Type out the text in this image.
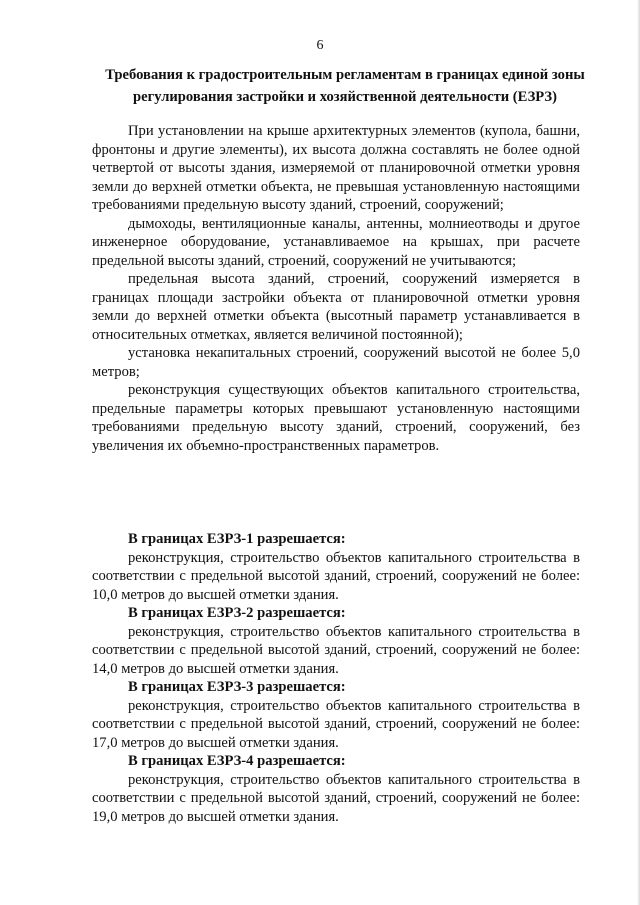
6
Требования к градостроительным регламентам в границах единой зоны регулирования застройки и хозяйственной деятельности (ЕЗРЗ)

При установлении на крыше архитектурных элементов (купола, башни, фронтоны и другие элементы), их высота должна составлять не более одной четвертой от высоты здания, измеряемой от планировочной отметки уровня земли до верхней отметки объекта, не превышая установленную настоящими требованиями предельную высоту зданий, строений, сооружений;

дымоходы, вентиляционные каналы, антенны, молниеотводы и другое инженерное оборудование, устанавливаемое на крышах, при расчете предельной высоты зданий, строений, сооружений не учитываются;

предельная высота зданий, строений, сооружений измеряется в границах площади застройки объекта от планировочной отметки уровня земли до верхней отметки объекта (высотный параметр устанавливается в относительных отметках, является величиной постоянной);

установка некапитальных строений, сооружений высотой не более 5,0 метров;

реконструкция существующих объектов капитального строительства, предельные параметры которых превышают установленную настоящими требованиями предельную высоту зданий, строений, сооружений, без увеличения их объемно-пространственных параметров.

В границах ЕЗРЗ-1 разрешается:

реконструкция, строительство объектов капитального строительства в соответствии с предельной высотой зданий, строений, сооружений не более: 10,0 метров до высшей отметки здания.

В границах ЕЗРЗ-2 разрешается:

реконструкция, строительство объектов капитального строительства в соответствии с предельной высотой зданий, строений, сооружений не более: 14,0 метров до высшей отметки здания.

В границах ЕЗРЗ-3 разрешается:

реконструкция, строительство объектов капитального строительства в соответствии с предельной высотой зданий, строений, сооружений не более: 17,0 метров до высшей отметки здания.

В границах ЕЗРЗ-4 разрешается:

реконструкция, строительство объектов капитального строительства в соответствии с предельной высотой зданий, строений, сооружений не более: 19,0 метров до высшей отметки здания.
